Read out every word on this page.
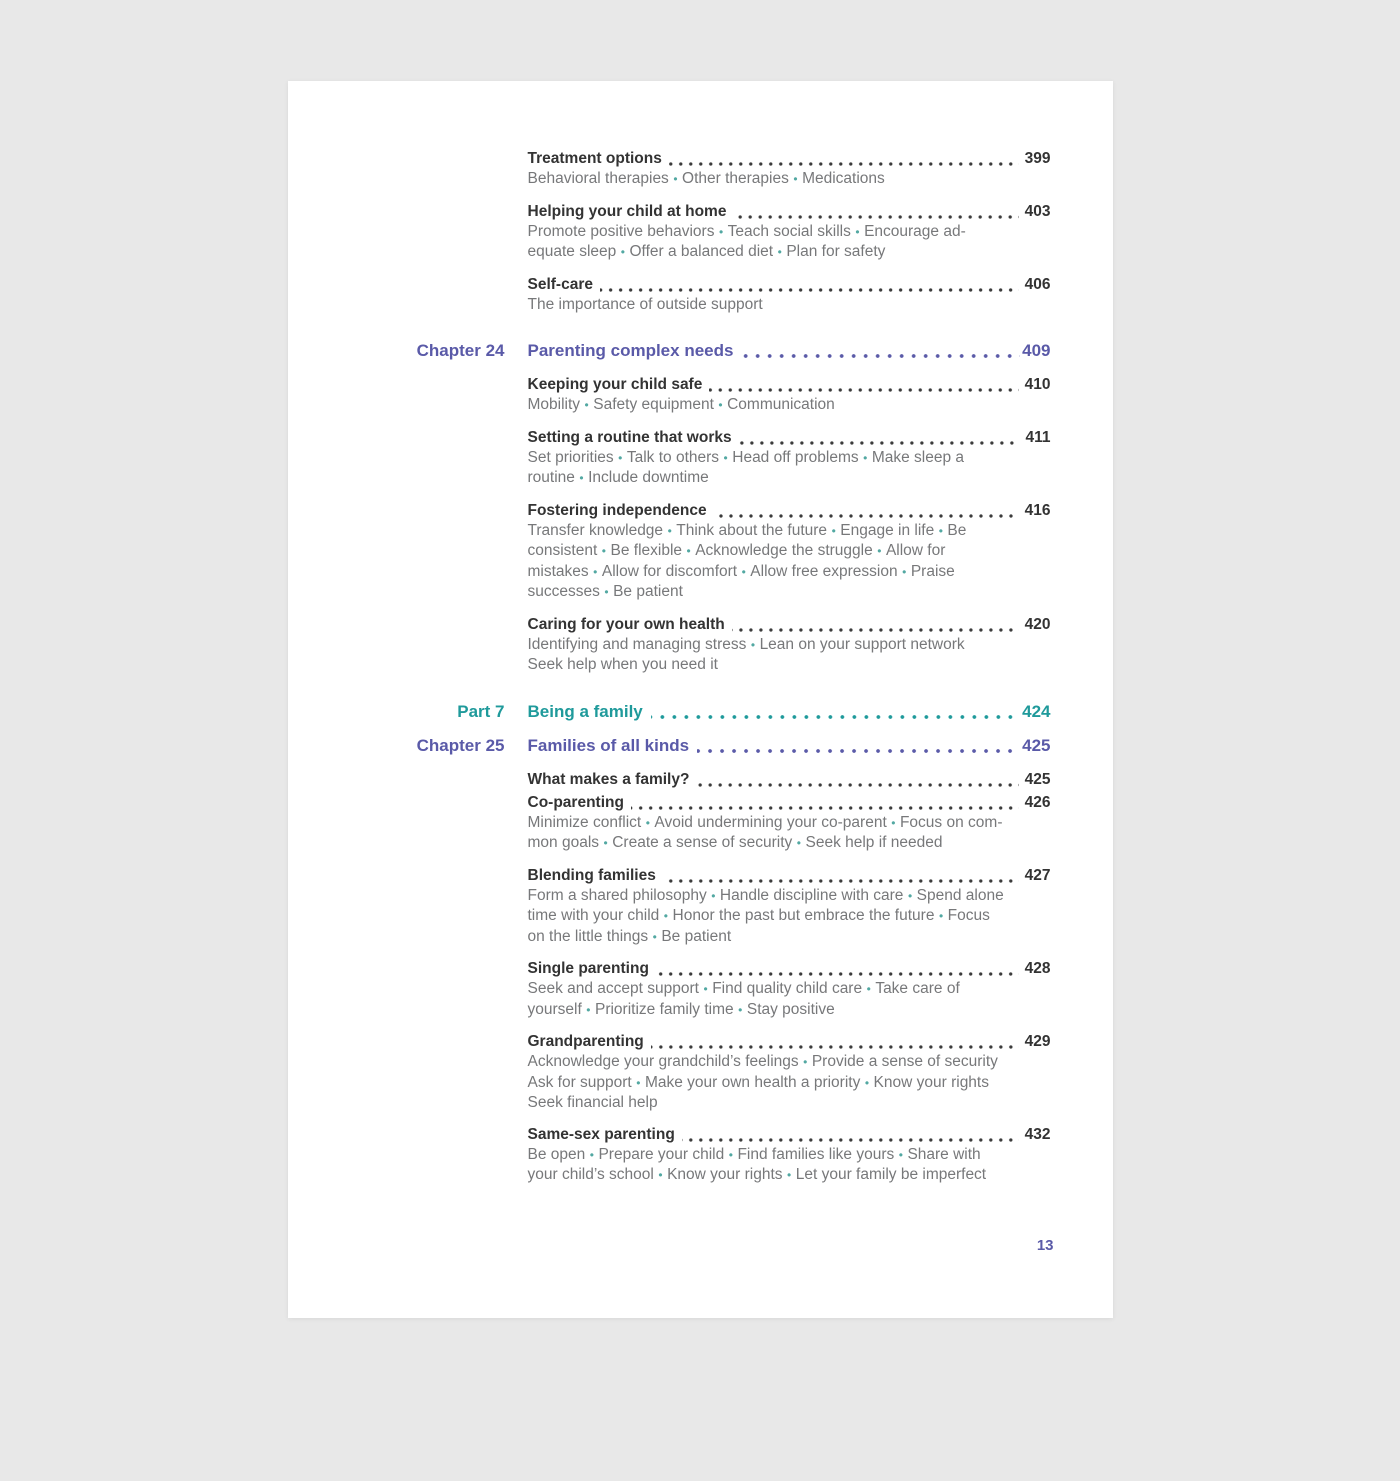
Treatment options	399
Behavioral therapies • Other therapies • Medications
Helping your child at home	403
Promote positive behaviors • Teach social skills • Encourage ad-
equate sleep • Offer a balanced diet • Plan for safety
Self-care	406
The importance of outside support
Chapter 24 Parenting complex needs	409
Keeping your child safe	410
Mobility • Safety equipment • Communication
Setting a routine that works	411
Set priorities • Talk to others • Head off problems • Make sleep a
routine • Include downtime
Fostering independence	416
Transfer knowledge • Think about the future • Engage in life • Be
consistent • Be flexible • Acknowledge the struggle • Allow for
mistakes • Allow for discomfort • Allow free expression • Praise
successes • Be patient
Caring for your own health	420
Identifying and managing stress • Lean on your support network
Seek help when you need it
Part 7 Being a family	424
Chapter 25 Families of all kinds	425
What makes a family?	425
Co-parenting	426
Minimize conflict • Avoid undermining your co-parent • Focus on com-
mon goals • Create a sense of security • Seek help if needed
Blending families	427
Form a shared philosophy • Handle discipline with care • Spend alone
time with your child • Honor the past but embrace the future • Focus
on the little things • Be patient
Single parenting	428
Seek and accept support • Find quality child care • Take care of
yourself • Prioritize family time • Stay positive
Grandparenting	429
Acknowledge your grandchild’s feelings • Provide a sense of security
Ask for support • Make your own health a priority • Know your rights
Seek financial help
Same-sex parenting	432
Be open • Prepare your child • Find families like yours • Share with
your child’s school • Know your rights • Let your family be imperfect
13
